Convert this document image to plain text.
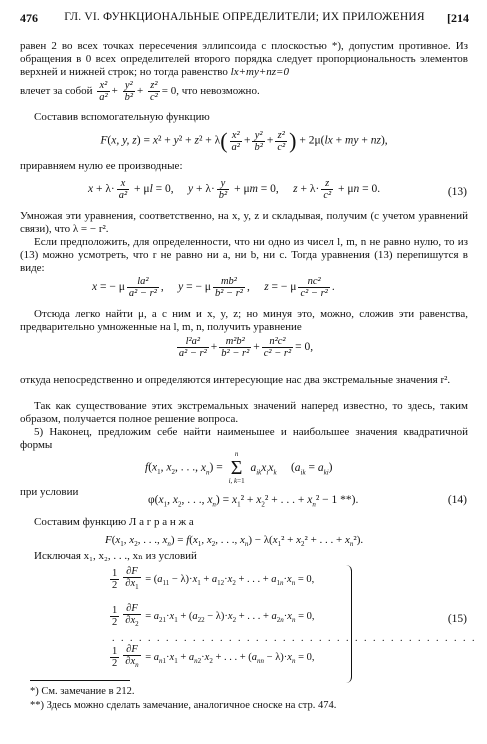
476	ГЛ. VI. ФУНКЦИОНАЛЬНЫЕ ОПРЕДЕЛИТЕЛИ; ИХ ПРИЛОЖЕНИЯ	[214
равен 2 во всех точках пересечения эллипсоида с плоскостью *), допустим противное. Из обращения в 0 всех определителей второго порядка следует пропорциональность элементов верхней и нижней строк; но тогда равенство lx+my+nz=0
влечет за собой $\frac{\text{x²}}{\text{a²}} + \frac{\text{y²}}{\text{b²}} + \frac{\text{z²}}{\text{c²}} = 0$, что невозможно.
Составив вспомогательную функцию
F(x, y, $z) = x^2 + y^2 + z^2 + \lambda( \frac{\text{x²}}{\text{a²}} + \frac{\text{y²}}{\text{b²}} + \frac{\text{z²}}{\text{c²}}$ ) + 2μ(lx + my + nz),
приравняем нулю ее производные:
$x + \lambda\cdot \frac{x}{\text{a²}} + \mu l = 0$,     $y + \lambda\cdot \frac{y}{\text{b²}} + \mu m = 0$,     $z + \lambda\cdot \frac{z}{\text{c²}} + \mu n = 0$.	(13)
Умножая эти уравнения, соответственно, на x, y, z и складывая, получим (с учетом уравнений связи), что λ = − r².
Если предположить, для определенности, что ни одно из чисел l, m, n не равно нулю, то из (13) можно усмотреть, что r не равно ни a, ни b, ни c. Тогда уравнения (13) перепишутся в виде:
x = − μ $\frac{\text{la²}}{\text{a² − r²}}$ ,     y = − μ $\frac{\text{mb²}}{\text{b² − r²}}$ ,     z = − μ $\frac{\text{nc²}}{\text{c² − r²}}$ .
Отсюда легко найти μ, а с ним и x, y, z; но минуя это, можно, сложив эти равенства, предварительно умноженные на l, m, n, получить уравнение
$\frac{\text{l²a²}}{\text{a² − r²}} + \frac{\text{m²b²}}{\text{b² − r²}} + \frac{\text{n²c²}}{\text{c² − r²}} = 0$,
откуда непосредственно и определяются интересующие нас два экстремальные значения r².
Так как существование этих экстремальных значений наперед известно, то здесь, таким образом, получается полное решение вопроса.
5) Наконец, предложим себе найти наименьшее и наибольшее значения квадратичной формы
$f(x_1$, $x_2$, . . ., $x_n$) =
n
Σ
i, k=1
$a_{ik}x_ix_k$     $(a_{ik} = a_{ki})$
при условии
$\varphi(x_1$, $x_2$, . . ., $x_n) = x_1^2 + x_2^2$ + . . . + $x_n^2 - 1$ **).	(14)
Составим функцию Л а г р а н ж а
$F(x_1$, $x_2$, . . ., $x_n) = f(x_1$, $x_2$, . . ., $x_n) - \lambda(x_1^2 + x_2^2$ + . . . + $x_n^2$).
Исключая x₁, x₂, . . ., xₙ из условий
$\frac{1}{2} \frac{\partial F}{\partial x_1} = (a_{11} - \lambda)\cdot x_1 + a_{12}\cdot x_2$ + . . . + $a_{1n}\cdot x_n = 0$,
$\frac{1}{2} \frac{\partial F}{\partial x_2} = a_{21}\cdot x_1 + (a_{22} - \lambda)\cdot x_2$ + . . . + $a_{2n}\cdot x_n = 0$,
. . . . . . . . . . . . . . . . . . . . . . . . . . . . . . . . . . . . . . . . .
$\frac{1}{2} \frac{\partial F}{\partial x_n} = a_{n1}\cdot x_1 + a_{n2}\cdot x_2$ + . . . + $(a_{nn} - \lambda)\cdot x_n = 0$,
(15)
*) См. замечание в 212.
**) Здесь можно сделать замечание, аналогичное сноске на стр. 474.
